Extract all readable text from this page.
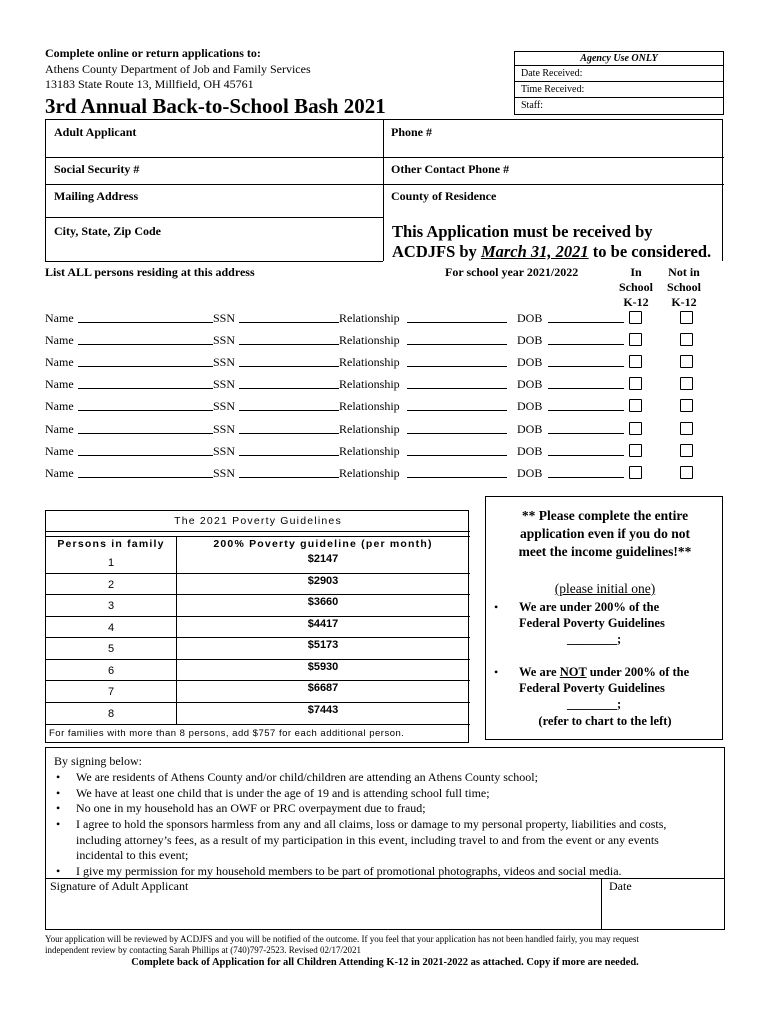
Complete online or return applications to:
Athens County Department of Job and Family Services
13183 State Route 13, Millfield, OH 45761
3rd Annual Back-to-School Bash 2021
Agency Use ONLY
Date Received:
Time Received:
Staff:
Adult Applicant	Phone #
Social Security #	Other Contact Phone #
Mailing Address	County of Residence
City, State, Zip Code	This Application must be received by
ACDJFS by March 31, 2021 to be considered.
List ALL persons residing at this address	For school year 2021/2022	In
School
K-12
Not in
School
K-12
Name	SSN	Relationship	DOB
Name	SSN	Relationship	DOB
Name	SSN	Relationship	DOB
Name	SSN	Relationship	DOB
Name	SSN	Relationship	DOB
Name	SSN	Relationship	DOB
Name	SSN	Relationship	DOB
Name	SSN	Relationship	DOB
The 2021 Poverty Guidelines
Persons in family	200% Poverty guideline (per month)
1	$2147
2	$2903
3	$3660
4	$4417
5	$5173
6	$5930
7	$6687
8	$7443
For families with more than 8 persons, add $757 for each additional person.
** Please complete the entire
application even if you do not
meet the income guidelines!**
(please initial one)
• We are under 200% of the
Federal Poverty Guidelines
________;
• We are NOT under 200% of the
Federal Poverty Guidelines
________;
(refer to chart to the left)
By signing below:
• We are residents of Athens County and/or child/children are attending an Athens County school;
• We have at least one child that is under the age of 19 and is attending school full time;
• No one in my household has an OWF or PRC overpayment due to fraud;
• I agree to hold the sponsors harmless from any and all claims, loss or damage to my personal property, liabilities and costs,
including attorney’s fees, as a result of my participation in this event, including travel to and from the event or any events
incidental to this event;
• I give my permission for my household members to be part of promotional photographs, videos and social media.
Signature of Adult Applicant	Date
Your application will be reviewed by ACDJFS and you will be notified of the outcome. If you feel that your application has not been handled fairly, you may request
independent review by contacting Sarah Phillips at (740)797-2523. Revised 02/17/2021
Complete back of Application for all Children Attending K-12 in 2021-2022 as attached. Copy if more are needed.
